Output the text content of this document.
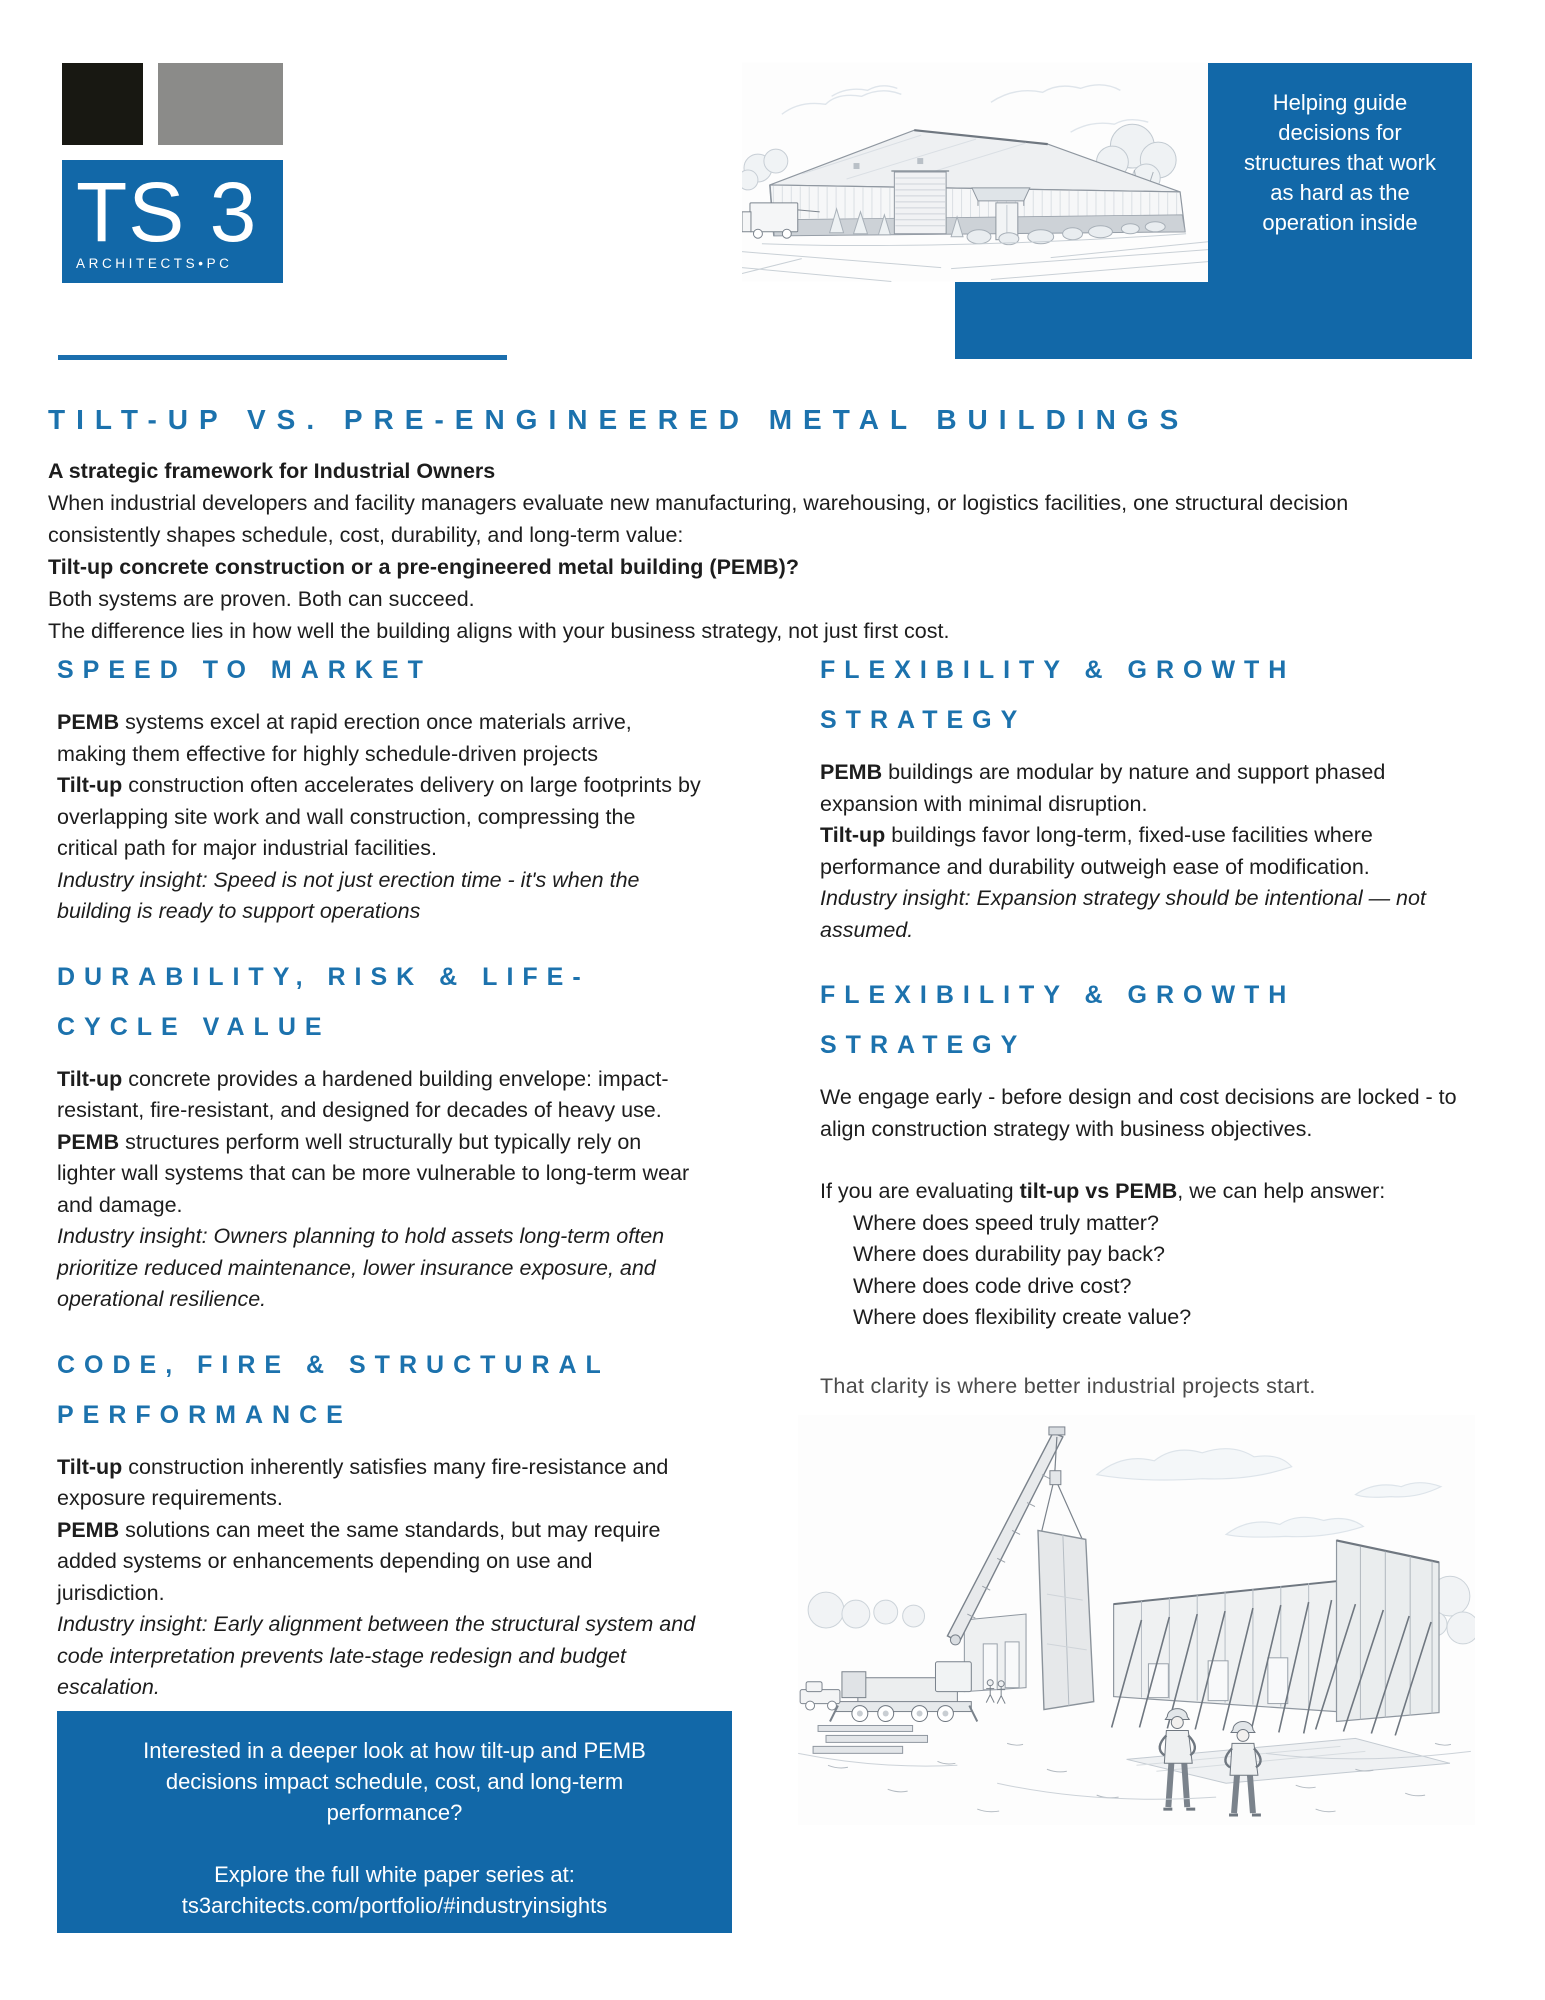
TS 3
ARCHITECTS•PC
Helping guide decisions for structures that work as hard as the operation inside
TILT-UP VS. PRE-ENGINEERED METAL BUILDINGS
A strategic framework for Industrial Owners
When industrial developers and facility managers evaluate new manufacturing, warehousing, or logistics facilities, one structural decision consistently shapes schedule, cost, durability, and long-term value:
Tilt-up concrete construction or a pre-engineered metal building (PEMB)?
Both systems are proven. Both can succeed.
The difference lies in how well the building aligns with your business strategy, not just first cost.
SPEED TO MARKET

PEMB systems excel at rapid erection once materials arrive, making them effective for highly schedule-driven projects

Tilt-up construction often accelerates delivery on large footprints by overlapping site work and wall construction, compressing the critical path for major industrial facilities.

Industry insight: Speed is not just erection time - it's when the building is ready to support operations

DURABILITY, RISK & LIFE-CYCLE VALUE

Tilt-up concrete provides a hardened building envelope: impact-resistant, fire-resistant, and designed for decades of heavy use.

PEMB structures perform well structurally but typically rely on lighter wall systems that can be more vulnerable to long-term wear and damage.

Industry insight: Owners planning to hold assets long-term often prioritize reduced maintenance, lower insurance exposure, and operational resilience.

CODE, FIRE & STRUCTURAL PERFORMANCE

Tilt-up construction inherently satisfies many fire-resistance and exposure requirements.

PEMB solutions can meet the same standards, but may require added systems or enhancements depending on use and jurisdiction.

Industry insight: Early alignment between the structural system and code interpretation prevents late-stage redesign and budget escalation.

FLEXIBILITY & GROWTH STRATEGY

PEMB buildings are modular by nature and support phased expansion with minimal disruption.

Tilt-up buildings favor long-term, fixed-use facilities where performance and durability outweigh ease of modification.

Industry insight: Expansion strategy should be intentional — not assumed.

FLEXIBILITY & GROWTH STRATEGY

We engage early - before design and cost decisions are locked - to align construction strategy with business objectives.

If you are evaluating tilt-up vs PEMB, we can help answer:

Where does speed truly matter?

Where does durability pay back?

Where does code drive cost?

Where does flexibility create value?

That clarity is where better industrial projects start.

Interested in a deeper look at how tilt-up and PEMB decisions impact schedule, cost, and long-term performance?
Explore the full white paper series at:
ts3architects.com/portfolio/#industryinsights
